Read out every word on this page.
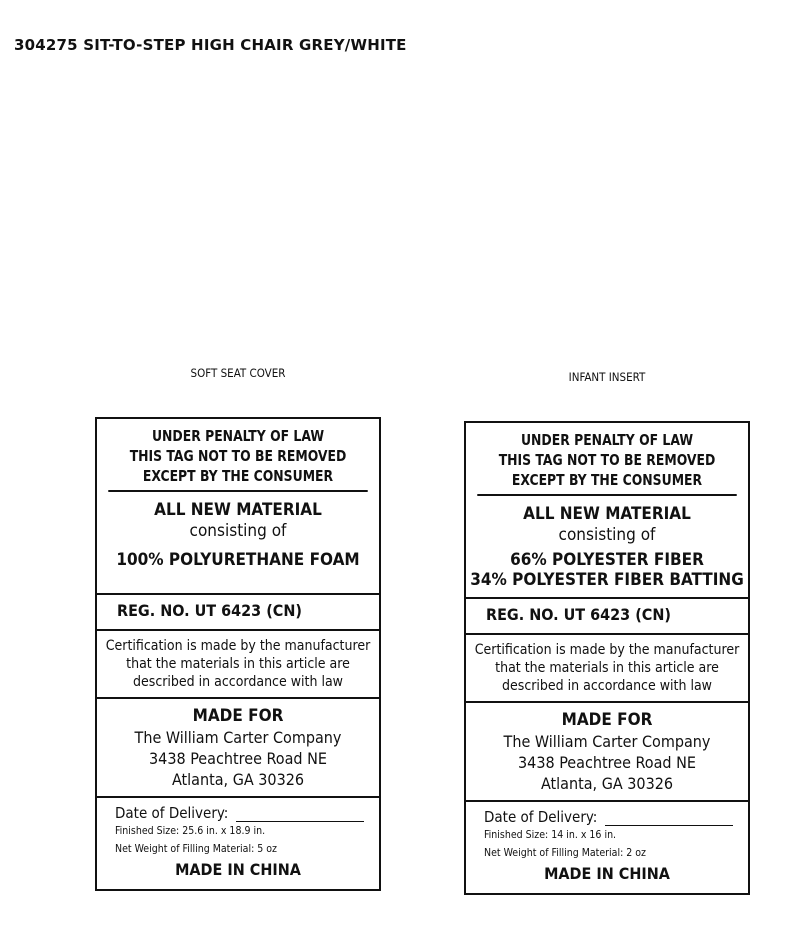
304275 SIT-TO-STEP HIGH CHAIR GREY/WHITE
SOFT SEAT COVER
UNDER PENALTY OF LAW
THIS TAG NOT TO BE REMOVED
EXCEPT BY THE CONSUMER
ALL NEW MATERIAL
consisting of
100% POLYURETHANE FOAM
REG. NO. UT 6423 (CN)
Certification is made by the manufacturer
that the materials in this article are
described in accordance with law
MADE FOR
The William Carter Company
3438 Peachtree Road NE
Atlanta, GA 30326
Date of Delivery:
Finished Size: 25.6 in. x 18.9 in.
Net Weight of Filling Material: 5 oz
MADE IN CHINA
INFANT INSERT
UNDER PENALTY OF LAW
THIS TAG NOT TO BE REMOVED
EXCEPT BY THE CONSUMER
ALL NEW MATERIAL
consisting of
66% POLYESTER FIBER
34% POLYESTER FIBER BATTING
REG. NO. UT 6423 (CN)
Certification is made by the manufacturer
that the materials in this article are
described in accordance with law
MADE FOR
The William Carter Company
3438 Peachtree Road NE
Atlanta, GA 30326
Date of Delivery:
Finished Size: 14 in. x 16 in.
Net Weight of Filling Material: 2 oz
MADE IN CHINA
